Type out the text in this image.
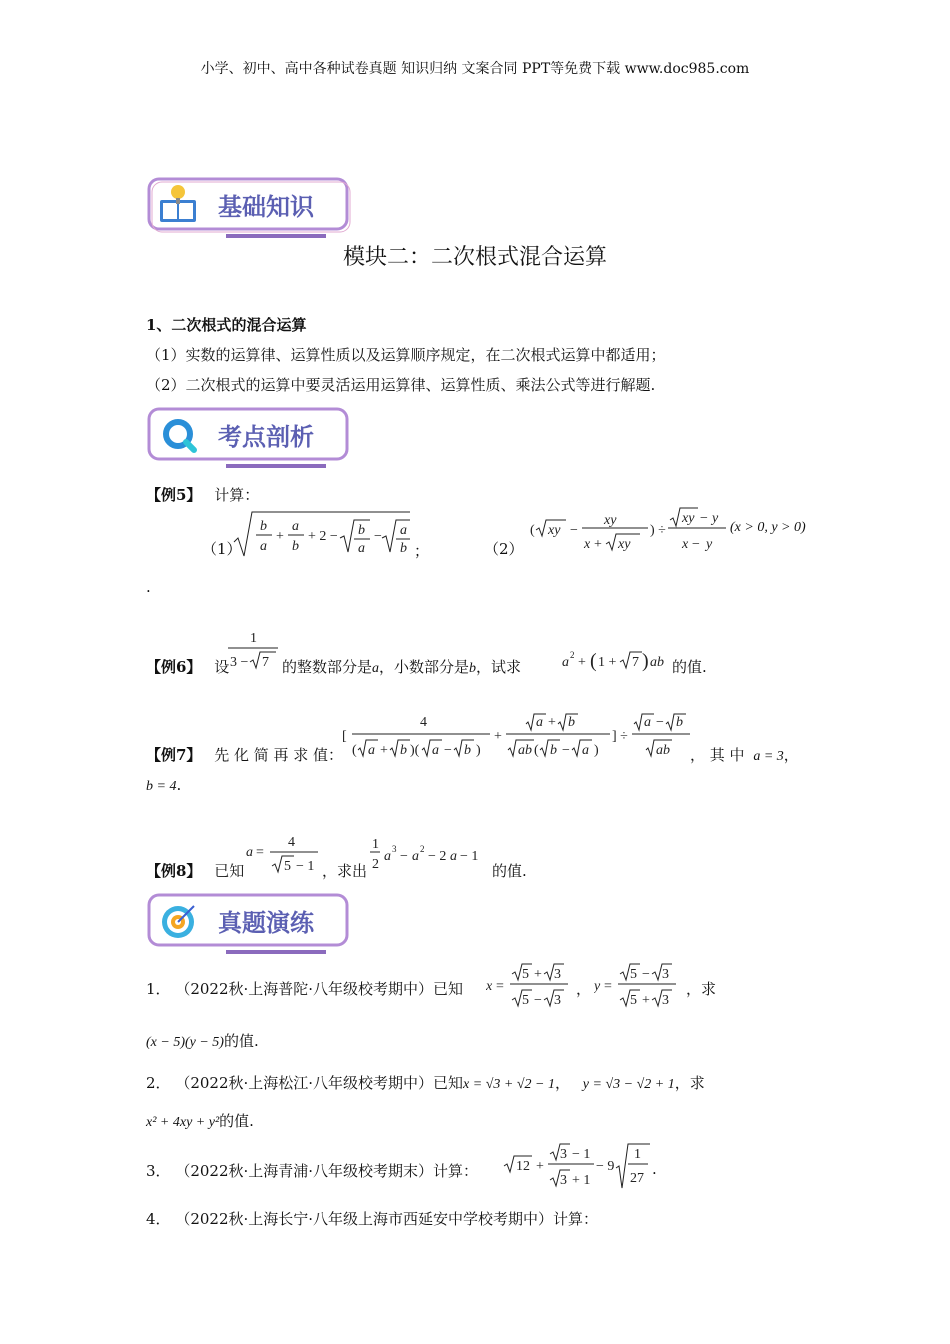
小学、初中、高中各种试卷真题 知识归纳 文案合同 PPT等免费下载 www.doc985.com
基础知识
模块二：二次根式混合运算
1、二次根式的混合运算
（1）实数的运算律、运算性质以及运算顺序规定，在二次根式运算中都适用；
（2）二次根式的运算中要灵活运用运算律、运算性质、乘法公式等进行解题.
考点剖析
【例5】 计算：
（1）
b
a
+
a
b
+ 2 − b
a
− a
b ；	（2）
( xy −
xy
x + xy
) ÷
xy − y
x − y
(x > 0, y > 0)
.
【例6】 设
1
3 − 7 的整数部分是a，小数部分是b，试求	a 2 + ( 1 + 7 ) ab 的值.
【例7】 先 化 简 再 求 值：
[
4
( a + b )( a − b )
+
a + b
ab ( b − a )
] ÷
a − b
ab ， 其 中 a = 3，
b = 4.
【例8】 已知
a =
4
5 − 1 ，求出
1
2
a 3 − a 2 − 2 a − 1
的值.
真题演练
1． （2022秋·上海普陀·八年级校考期中）已知 x =
5 + 3
5 − 3
， y =
5 − 3
5 + 3
，求
(x − 5)(y − 5)的值.
2． （2022秋·上海松江·八年级校考期中）已知x = √3 + √2 − 1， y = √3 − √2 + 1，求
x² + 4xy + y²的值.
3． （2022秋·上海青浦·八年级校考期末）计算：	12 +
3 − 1
3 + 1
− 9
1
27
.
4． （2022秋·上海长宁·八年级上海市西延安中学校考期中）计算：
